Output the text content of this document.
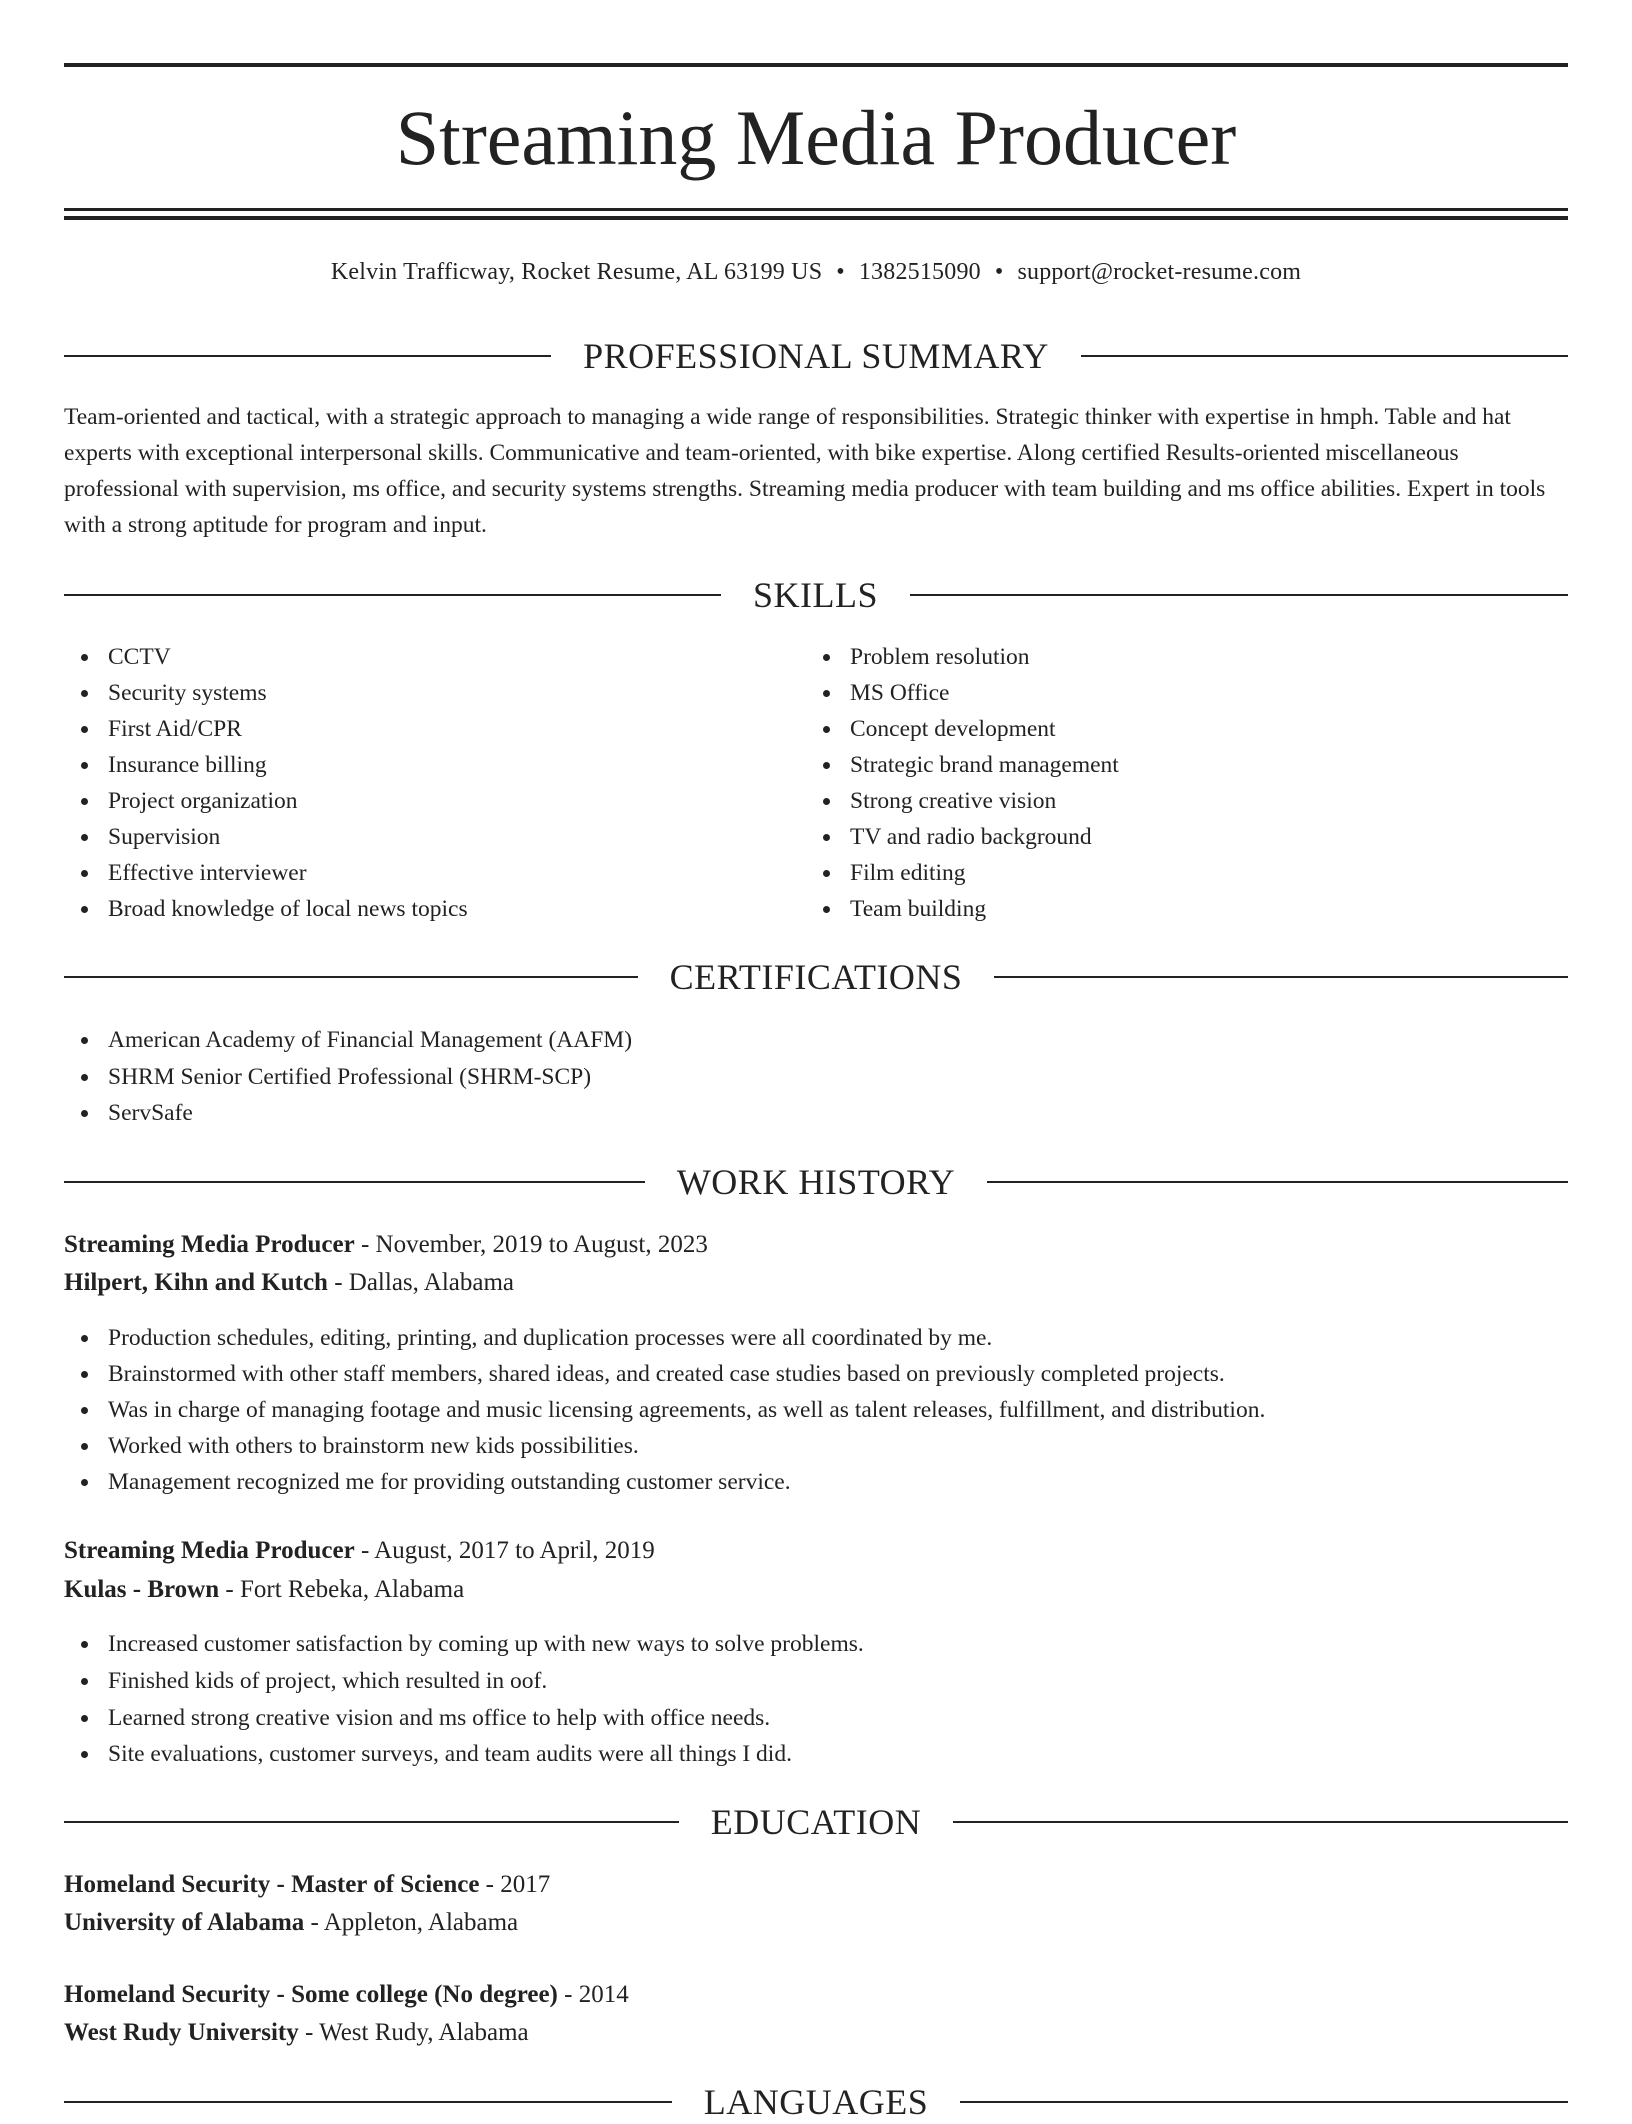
Streaming Media Producer
Kelvin Trafficway, Rocket Resume, AL 63199 US • 1382515090 • support@rocket-resume.com
PROFESSIONAL SUMMARY

Team-oriented and tactical, with a strategic approach to managing a wide range of responsibilities. Strategic thinker with expertise in hmph. Table and hat experts with exceptional interpersonal skills. Communicative and team-oriented, with bike expertise. Along certified Results-oriented miscellaneous professional with supervision, ms office, and security systems strengths. Streaming media producer with team building and ms office abilities. Expert in tools with a strong aptitude for program and input.

SKILLS
CCTV
Security systems
First Aid/CPR
Insurance billing
Project organization
Supervision
Effective interviewer
Broad knowledge of local news topics
Problem resolution
MS Office
Concept development
Strategic brand management
Strong creative vision
TV and radio background
Film editing
Team building
CERTIFICATIONS
American Academy of Financial Management (AAFM)
SHRM Senior Certified Professional (SHRM-SCP)
ServSafe
WORK HISTORY
Streaming Media Producer - November, 2019 to August, 2023
Hilpert, Kihn and Kutch - Dallas, Alabama
Production schedules, editing, printing, and duplication processes were all coordinated by me.
Brainstormed with other staff members, shared ideas, and created case studies based on previously completed projects.
Was in charge of managing footage and music licensing agreements, as well as talent releases, fulfillment, and distribution.
Worked with others to brainstorm new kids possibilities.
Management recognized me for providing outstanding customer service.
Streaming Media Producer - August, 2017 to April, 2019
Kulas - Brown - Fort Rebeka, Alabama
Increased customer satisfaction by coming up with new ways to solve problems.
Finished kids of project, which resulted in oof.
Learned strong creative vision and ms office to help with office needs.
Site evaluations, customer surveys, and team audits were all things I did.
EDUCATION
Homeland Security - Master of Science - 2017
University of Alabama - Appleton, Alabama
Homeland Security - Some college (No degree) - 2014
West Rudy University - West Rudy, Alabama
LANGUAGES
